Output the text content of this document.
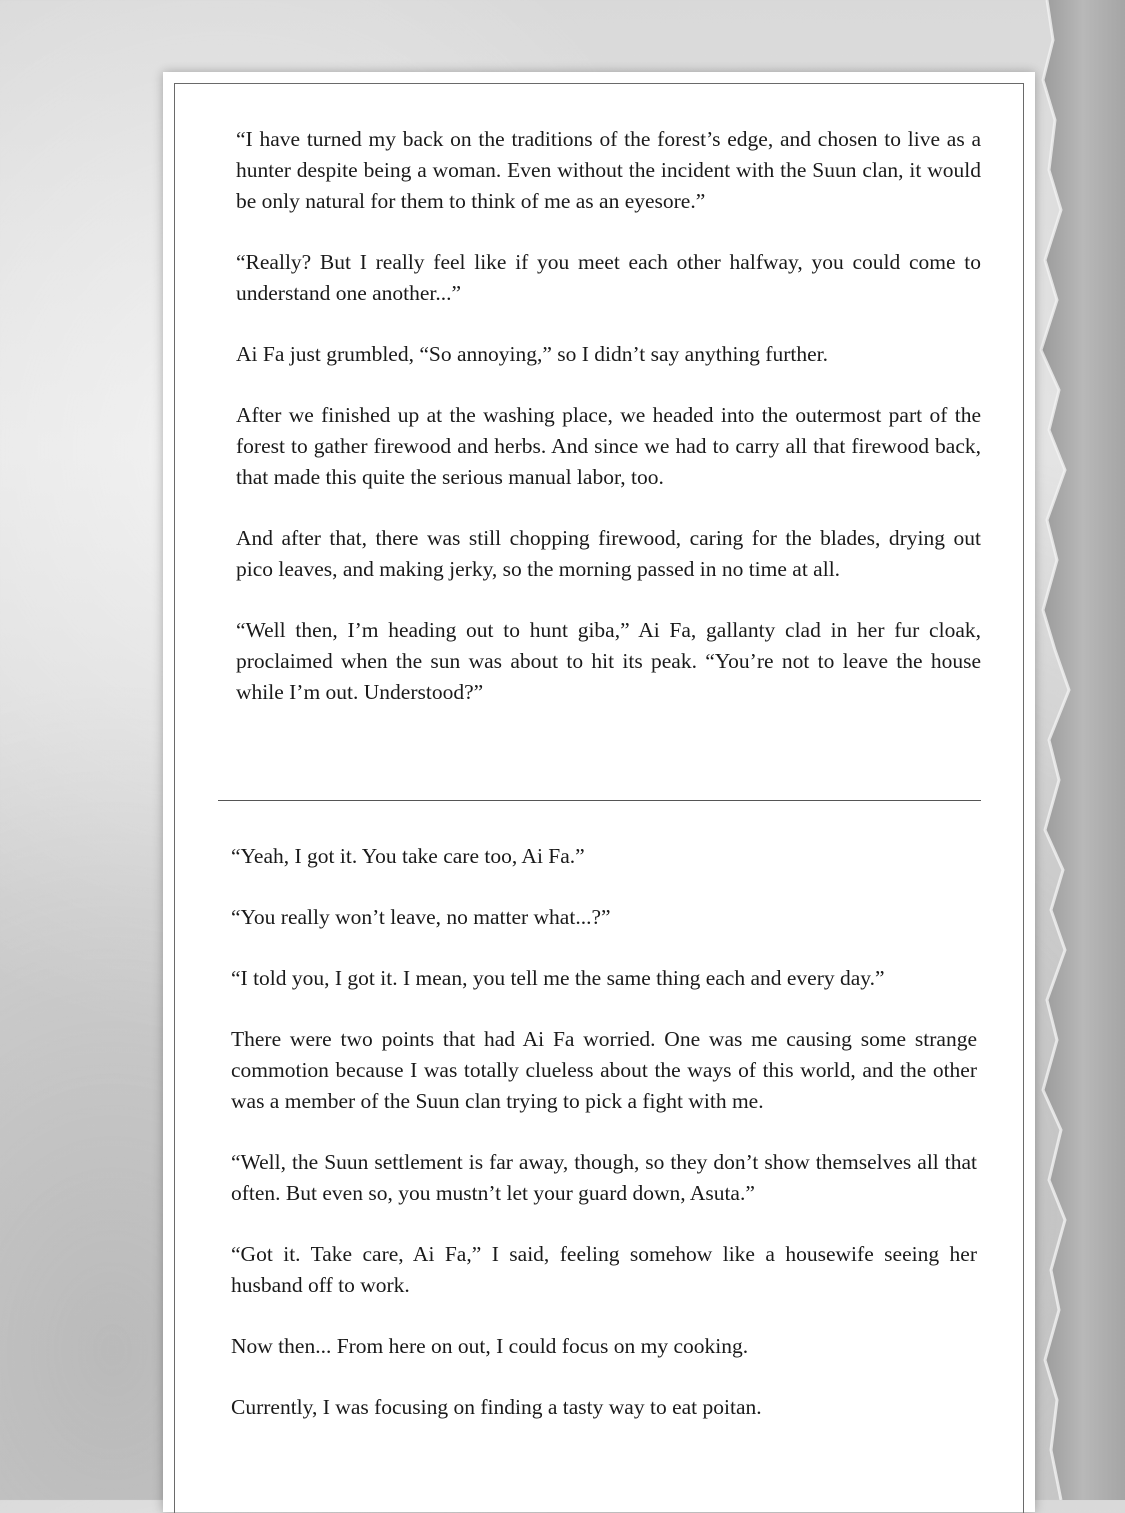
“I have turned my back on the traditions of the forest’s edge, and chosen to live as a hunter despite being a woman. Even without the incident with the Suun clan, it would be only natural for them to think of me as an eyesore.”

“Really? But I really feel like if you meet each other halfway, you could come to understand one another...”

Ai Fa just grumbled, “So annoying,” so I didn’t say anything further.

After we finished up at the washing place, we headed into the outermost part of the forest to gather firewood and herbs. And since we had to carry all that firewood back, that made this quite the serious manual labor, too.

And after that, there was still chopping firewood, caring for the blades, drying out pico leaves, and making jerky, so the morning passed in no time at all.

“Well then, I’m heading out to hunt giba,” Ai Fa, gallanty clad in her fur cloak, proclaimed when the sun was about to hit its peak. “You’re not to leave the house while I’m out. Understood?”

“Yeah, I got it. You take care too, Ai Fa.”

“You really won’t leave, no matter what...?”

“I told you, I got it. I mean, you tell me the same thing each and every day.”

There were two points that had Ai Fa worried. One was me causing some strange commotion because I was totally clueless about the ways of this world, and the other was a member of the Suun clan trying to pick a fight with me.

“Well, the Suun settlement is far away, though, so they don’t show themselves all that often. But even so, you mustn’t let your guard down, Asuta.”

“Got it. Take care, Ai Fa,” I said, feeling somehow like a housewife seeing her husband off to work.

Now then... From here on out, I could focus on my cooking.

Currently, I was focusing on finding a tasty way to eat poitan.
